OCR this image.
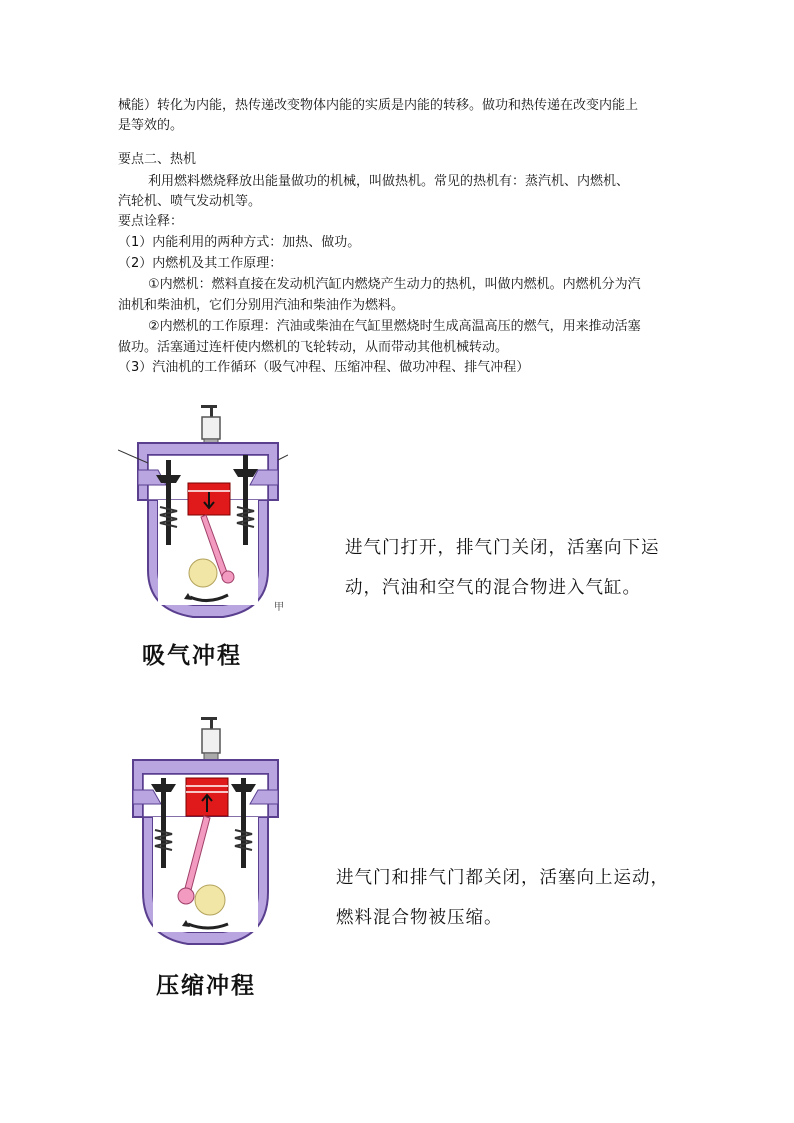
械能）转化为内能，热传递改变物体内能的实质是内能的转移。做功和热传递在改变内能上
是等效的。
要点二、热机
利用燃料燃烧释放出能量做功的机械，叫做热机。常见的热机有：蒸汽机、内燃机、
汽轮机、喷气发动机等。
要点诠释：
（1）内能利用的两种方式：加热、做功。
（2）内燃机及其工作原理：
①内燃机：燃料直接在发动机汽缸内燃烧产生动力的热机，叫做内燃机。内燃机分为汽
油机和柴油机，它们分别用汽油和柴油作为燃料。
②内燃机的工作原理：汽油或柴油在气缸里燃烧时生成高温高压的燃气，用来推动活塞
做功。活塞通过连杆使内燃机的飞轮转动，从而带动其他机械转动。
（3）汽油机的工作循环（吸气冲程、压缩冲程、做功冲程、排气冲程）
甲
进气门打开，排气门关闭，活塞向下运
动，汽油和空气的混合物进入气缸。
吸气冲程
进气门和排气门都关闭，活塞向上运动，
燃料混合物被压缩。
压缩冲程
